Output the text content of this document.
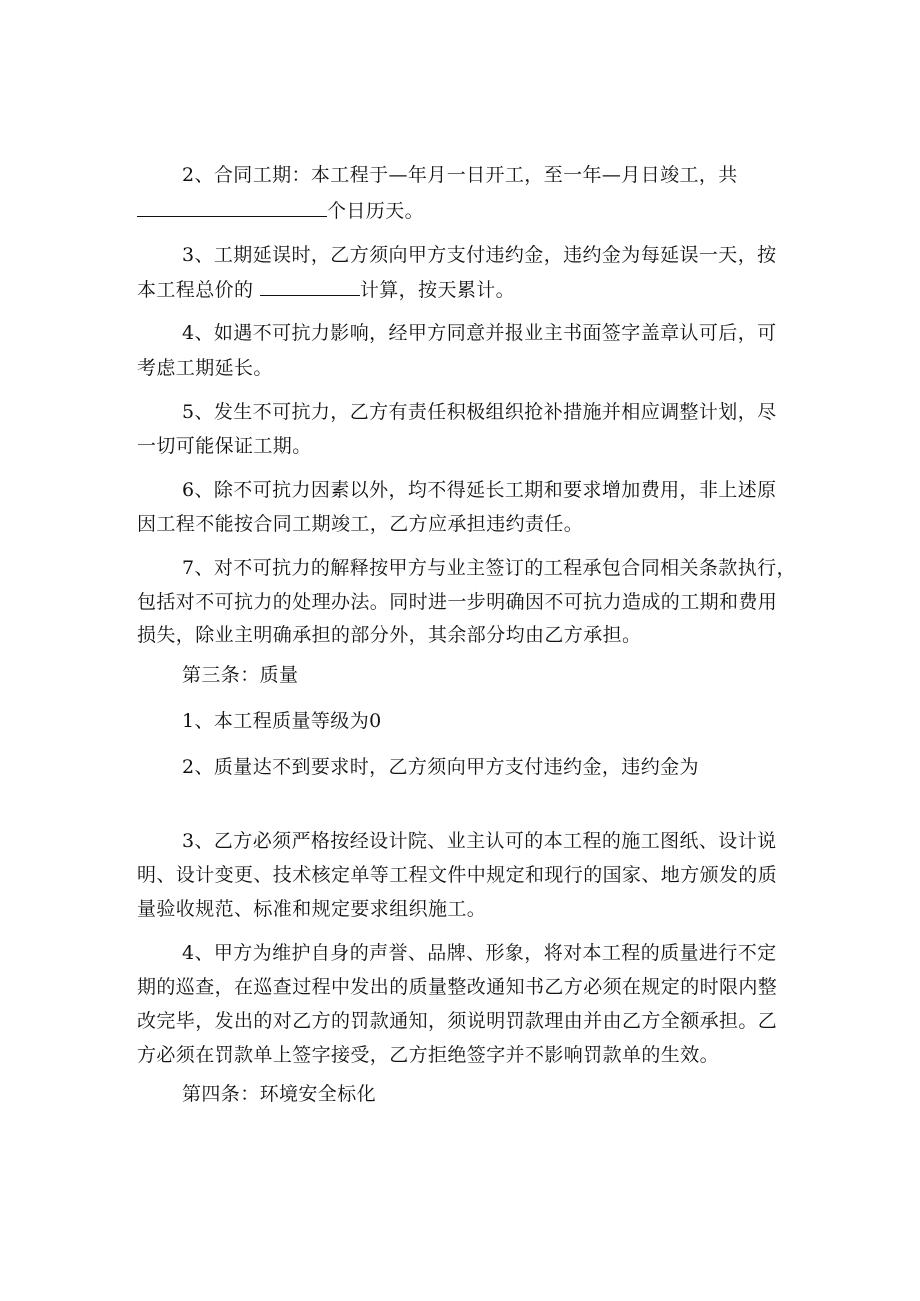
2、合同工期：本工程于—年月一日开工，至一年—月日竣工，共
个日历天。
3、工期延误时，乙方须向甲方支付违约金，违约金为每延误一天，按
本工程总价的	计算，按天累计。
4、如遇不可抗力影响，经甲方同意并报业主书面签字盖章认可后，可
考虑工期延长。
5、发生不可抗力，乙方有责任积极组织抢补措施并相应调整计划，尽
一切可能保证工期。
6、除不可抗力因素以外，均不得延长工期和要求增加费用，非上述原
因工程不能按合同工期竣工，乙方应承担违约责任。
7、对不可抗力的解释按甲方与业主签订的工程承包合同相关条款执行，
包括对不可抗力的处理办法。同时进一步明确因不可抗力造成的工期和费用
损失，除业主明确承担的部分外，其余部分均由乙方承担。
第三条：质量
1、本工程质量等级为0
2、质量达不到要求时，乙方须向甲方支付违约金，违约金为
3、乙方必须严格按经设计院、业主认可的本工程的施工图纸、设计说
明、设计变更、技术核定单等工程文件中规定和现行的国家、地方颁发的质
量验收规范、标准和规定要求组织施工。
4、甲方为维护自身的声誉、品牌、形象，将对本工程的质量进行不定
期的巡查，在巡查过程中发出的质量整改通知书乙方必须在规定的时限内整
改完毕，发出的对乙方的罚款通知，须说明罚款理由并由乙方全额承担。乙
方必须在罚款单上签字接受，乙方拒绝签字并不影响罚款单的生效。
第四条：环境安全标化
